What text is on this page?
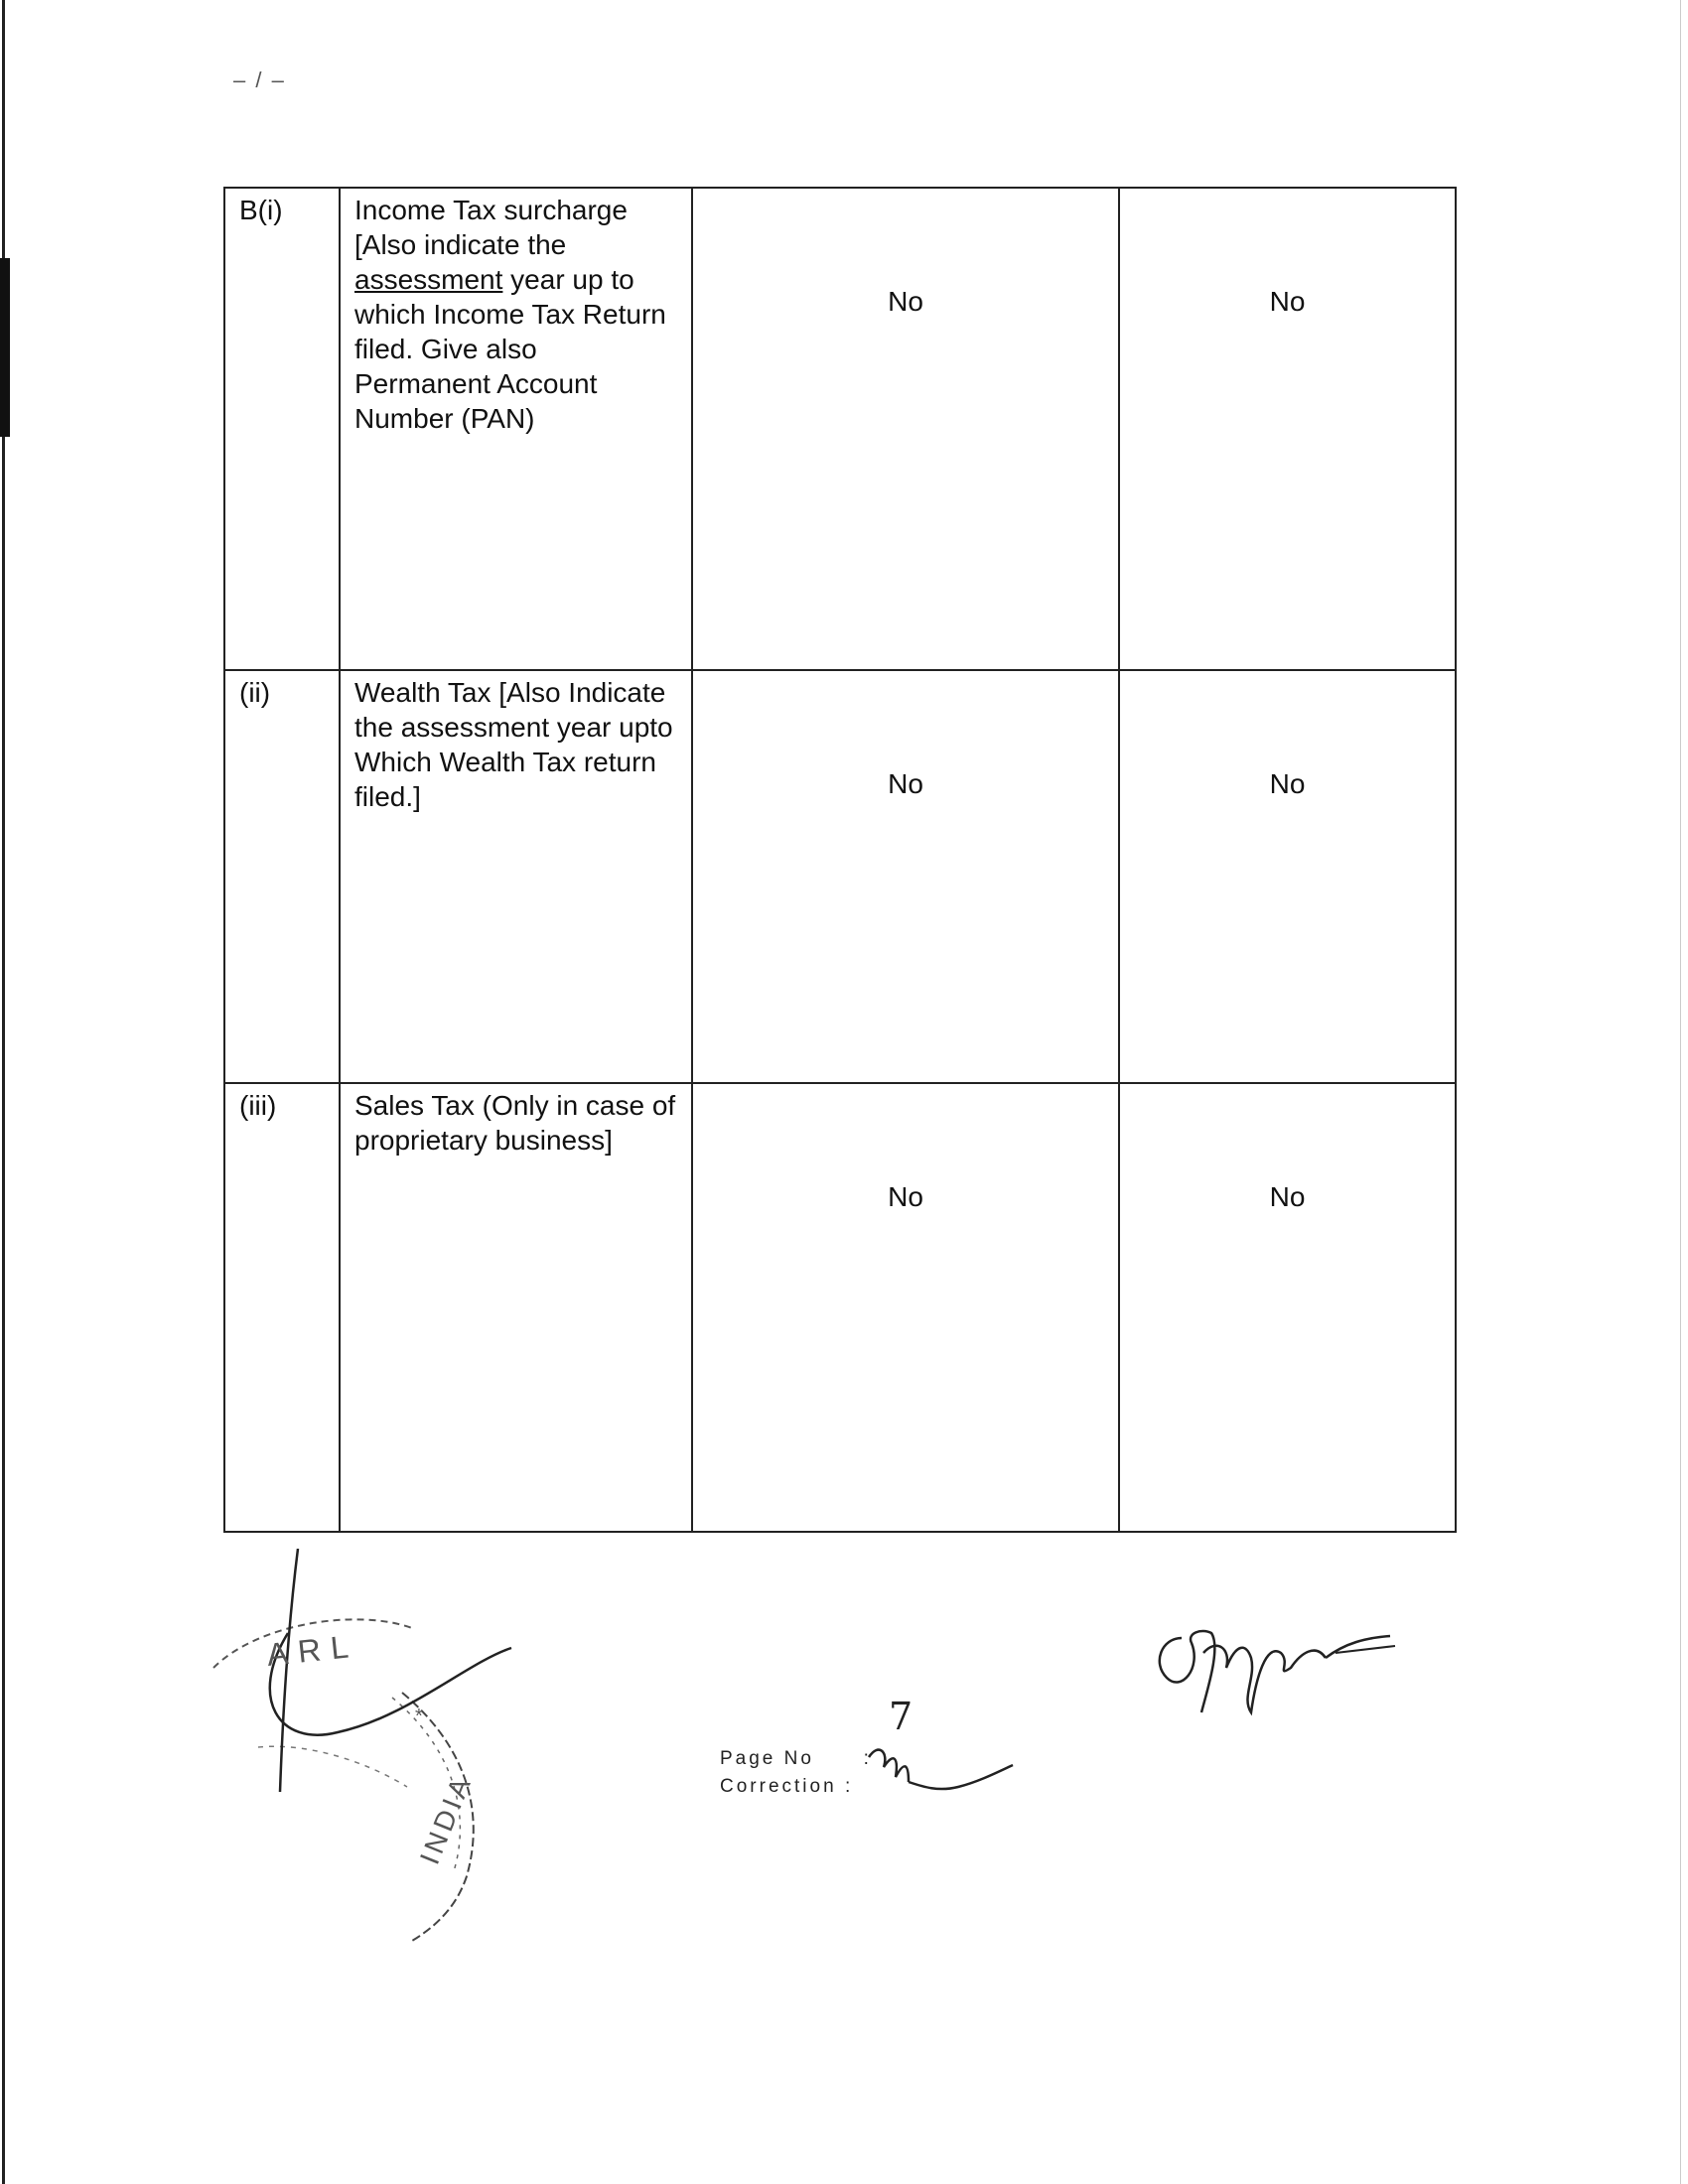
– / –
B(i)	Income Tax surcharge [Also indicate the assessment year up to which Income Tax Return filed. Give also Permanent Account Number (PAN)	No	No

(ii)	Wealth Tax [Also Indicate the assessment year upto Which Wealth Tax return filed.]	No	No

(iii)	Sales Tax (Only in case of proprietary business]	No	No
ARL
INDIA
*	7
Page No	:
Correction :
